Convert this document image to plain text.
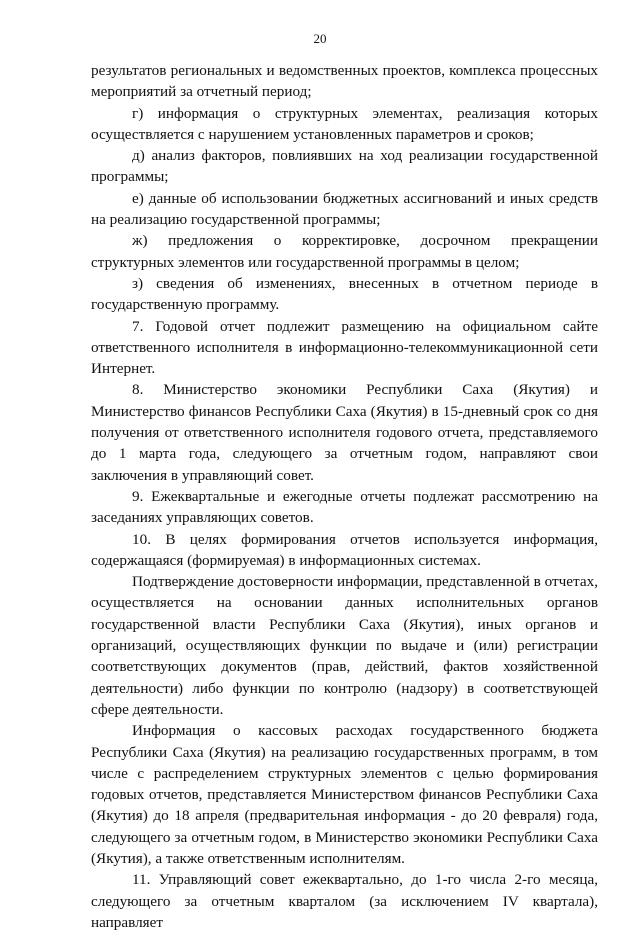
20

результатов региональных и ведомственных проектов, комплекса процессных мероприятий за отчетный период;

г) информация о структурных элементах, реализация которых осуществляется с нарушением установленных параметров и сроков;

д) анализ факторов, повлиявших на ход реализации государственной программы;

е) данные об использовании бюджетных ассигнований и иных средств на реализацию государственной программы;

ж) предложения о корректировке, досрочном прекращении структурных элементов или государственной программы в целом;

з) сведения об изменениях, внесенных в отчетном периоде в государственную программу.

7. Годовой отчет подлежит размещению на официальном сайте ответственного исполнителя в информационно-телекоммуникационной сети Интернет.

8. Министерство экономики Республики Саха (Якутия) и Министерство финансов Республики Саха (Якутия) в 15-дневный срок со дня получения от ответственного исполнителя годового отчета, представляемого до 1 марта года, следующего за отчетным годом, направляют свои заключения в управляющий совет.

9. Ежеквартальные и ежегодные отчеты подлежат рассмотрению на заседаниях управляющих советов.

10. В целях формирования отчетов используется информация, содержащаяся (формируемая) в информационных системах.

Подтверждение достоверности информации, представленной в отчетах, осуществляется на основании данных исполнительных органов государственной власти Республики Саха (Якутия), иных органов и организаций, осуществляющих функции по выдаче и (или) регистрации соответствующих документов (прав, действий, фактов хозяйственной деятельности) либо функции по контролю (надзору) в соответствующей сфере деятельности.

Информация о кассовых расходах государственного бюджета Республики Саха (Якутия) на реализацию государственных программ, в том числе с распределением структурных элементов с целью формирования годовых отчетов, представляется Министерством финансов Республики Саха (Якутия) до 18 апреля (предварительная информация - до 20 февраля) года, следующего за отчетным годом, в Министерство экономики Республики Саха (Якутия), а также ответственным исполнителям.

11. Управляющий совет ежеквартально, до 1-го числа 2-го месяца, следующего за отчетным кварталом (за исключением IV квартала), направляет
